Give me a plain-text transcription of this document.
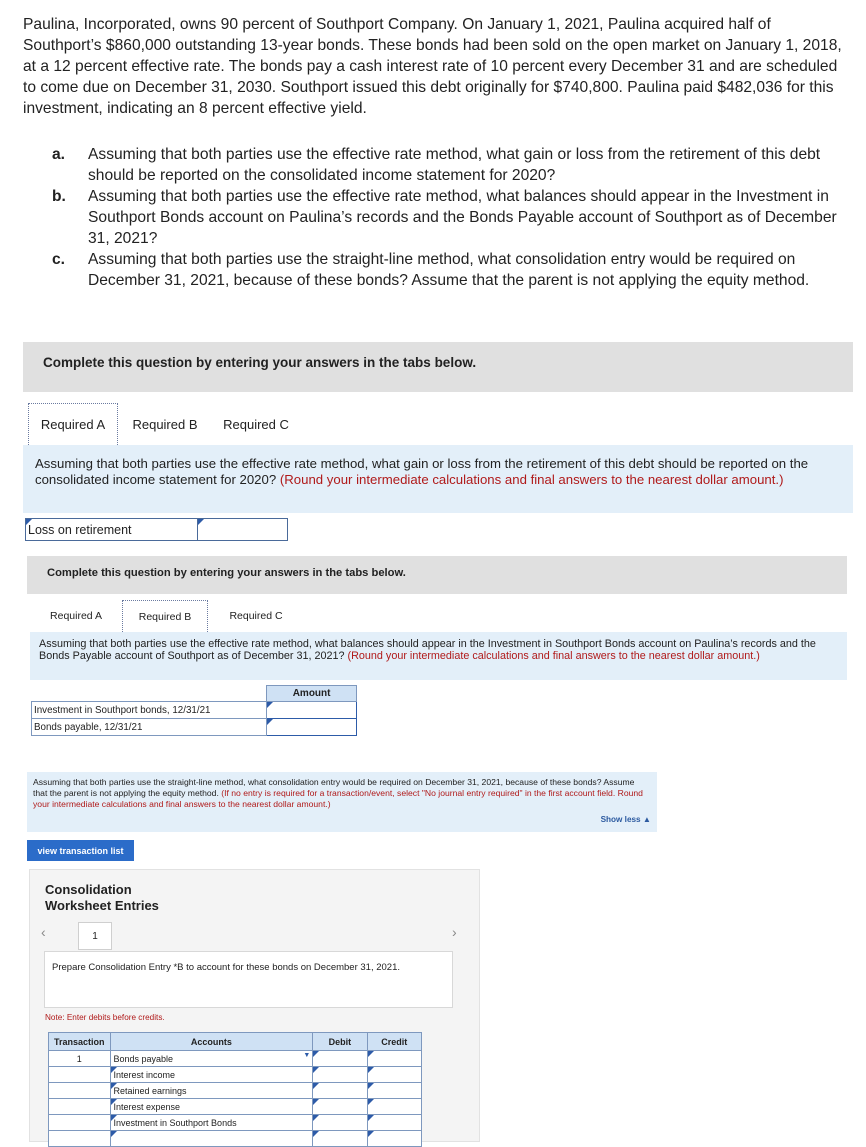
Paulina, Incorporated, owns 90 percent of Southport Company. On January 1, 2021, Paulina acquired half of Southport’s $860,000 outstanding 13-year bonds. These bonds had been sold on the open market on January 1, 2018, at a 12 percent effective rate. The bonds pay a cash interest rate of 10 percent every December 31 and are scheduled to come due on December 31, 2030. Southport issued this debt originally for $740,800. Paulina paid $482,036 for this investment, indicating an 8 percent effective yield.

a.	Assuming that both parties use the effective rate method, what gain or loss from the retirement of this debt should be reported on the consolidated income statement for 2020?
b.	Assuming that both parties use the effective rate method, what balances should appear in the Investment in Southport Bonds account on Paulina’s records and the Bonds Payable account of Southport as of December 31, 2021?
c.	Assuming that both parties use the straight-line method, what consolidation entry would be required on December 31, 2021, because of these bonds? Assume that the parent is not applying the equity method.
Complete this question by entering your answers in the tabs below.
Required A Required B Required C
Assuming that both parties use the effective rate method, what gain or loss from the retirement of this debt should be reported on the consolidated income statement for 2020? (Round your intermediate calculations and final answers to the nearest dollar amount.)
Loss on retirement
Complete this question by entering your answers in the tabs below.
Required A	Required B	Required C
Assuming that both parties use the effective rate method, what balances should appear in the Investment in Southport Bonds account on Paulina’s records and the Bonds Payable account of Southport as of December 31, 2021? (Round your intermediate calculations and final answers to the nearest dollar amount.)
	Amount
Investment in Southport bonds, 12/31/21	

Bonds payable, 12/31/21	
Assuming that both parties use the straight-line method, what consolidation entry would be required on December 31, 2021, because of these bonds? Assume that the parent is not applying the equity method. (If no entry is required for a transaction/event, select "No journal entry required" in the first account field. Round your intermediate calculations and final answers to the nearest dollar amount.)
Show less ▲
view transaction list
Consolidation
Worksheet Entries
‹	1	›
Prepare Consolidation Entry *B to account for these bonds on December 31, 2021.
Note: Enter debits before credits.
Transaction	Accounts	Debit	Credit
1	Bonds payable ▼		

Interest income	

Retained earnings	

Interest expense	

Investment in Southport Bonds	
